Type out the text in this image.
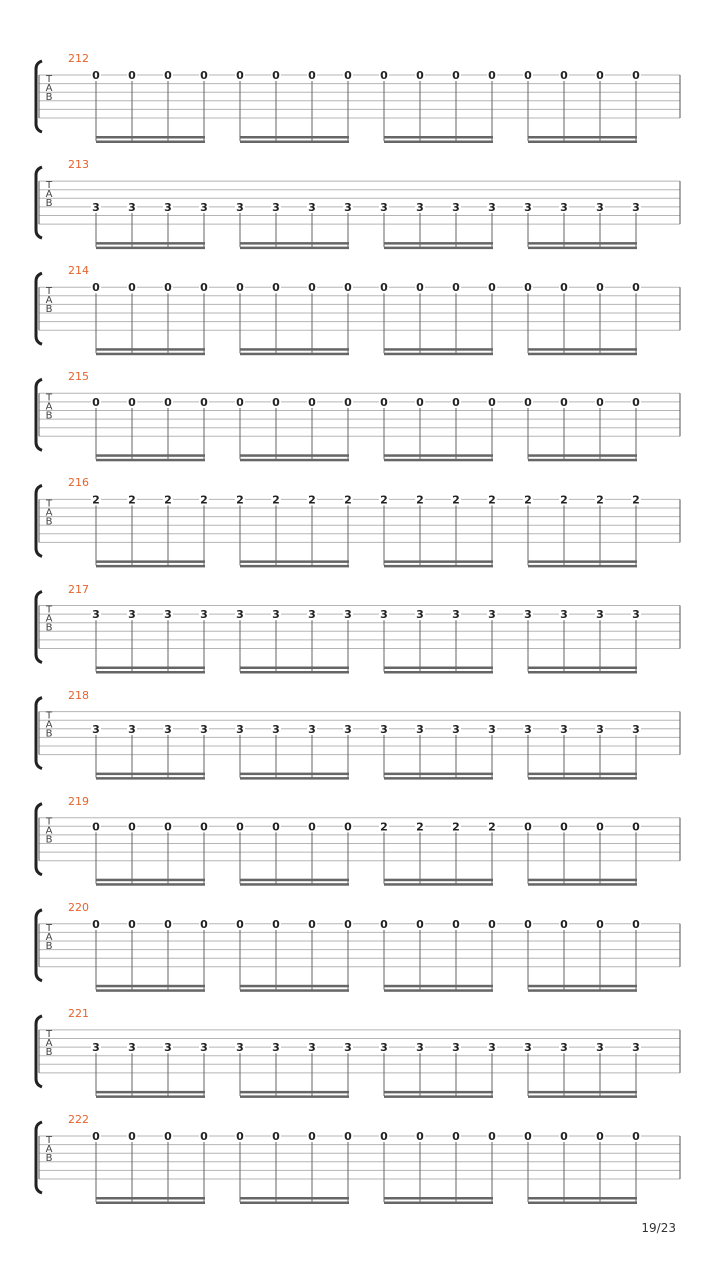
T
A
B
0	0	0	0	0	0	0	0	0	0	0	0	0	0	0	0
T
A
B	3	3	3	3	3	3	3	3	3	3	3	3	3	3	3	3
T
A
B
0	0	0	0	0	0	0	0	0	0	0	0	0	0	0	0
T
A
B
0	0	0	0	0	0	0	0	0	0	0	0	0	0	0	0
T
A
B
2	2	2	2	2	2	2	2	2	2	2	2	2	2	2	2
T
A
B
3	3	3	3	3	3	3	3	3	3	3	3	3	3	3	3
T
A
B	3	3	3	3	3	3	3	3	3	3	3	3	3	3	3	3
T
A
B
0	0	0	0	0	0	0	0	2	2	2	2	0	0	0	0
T
A
B
0	0	0	0	0	0	0	0	0	0	0	0	0	0	0	0
T
A
B	3	3	3	3	3	3	3	3	3	3	3	3	3	3	3	3
T
A
B
0	0	0	0	0	0	0	0	0	0	0	0	0	0	0	0
212
213
214
215
216
217
218
219
220
221
222
19/23
